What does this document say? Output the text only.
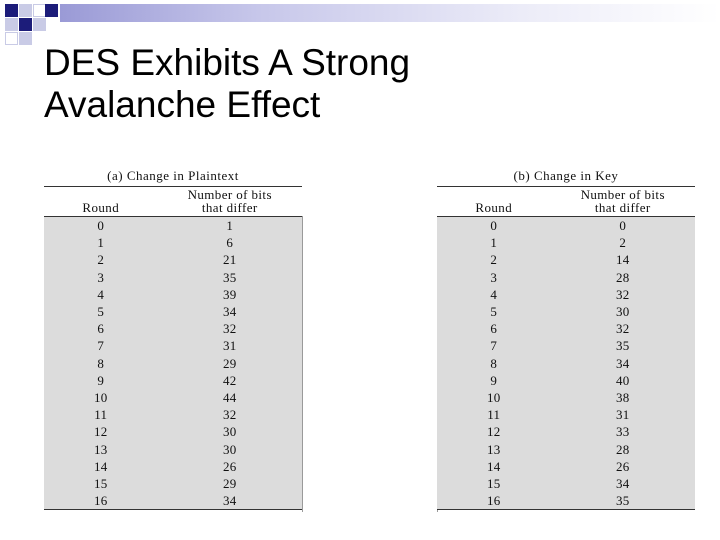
DES Exhibits A Strong
Avalanche Effect
(a) Change in Plaintext
Round	Number of bits
that differ

0	1
1	6
2	21
3	35
4	39
5	34
6	32
7	31
8	29
9	42
10	44
11	32
12	30
13	30
14	26
15	29
16	34
(b) Change in Key
Round	Number of bits
that differ

0	0
1	2
2	14
3	28
4	32
5	30
6	32
7	35
8	34
9	40
10	38
11	31
12	33
13	28
14	26
15	34
16	35
